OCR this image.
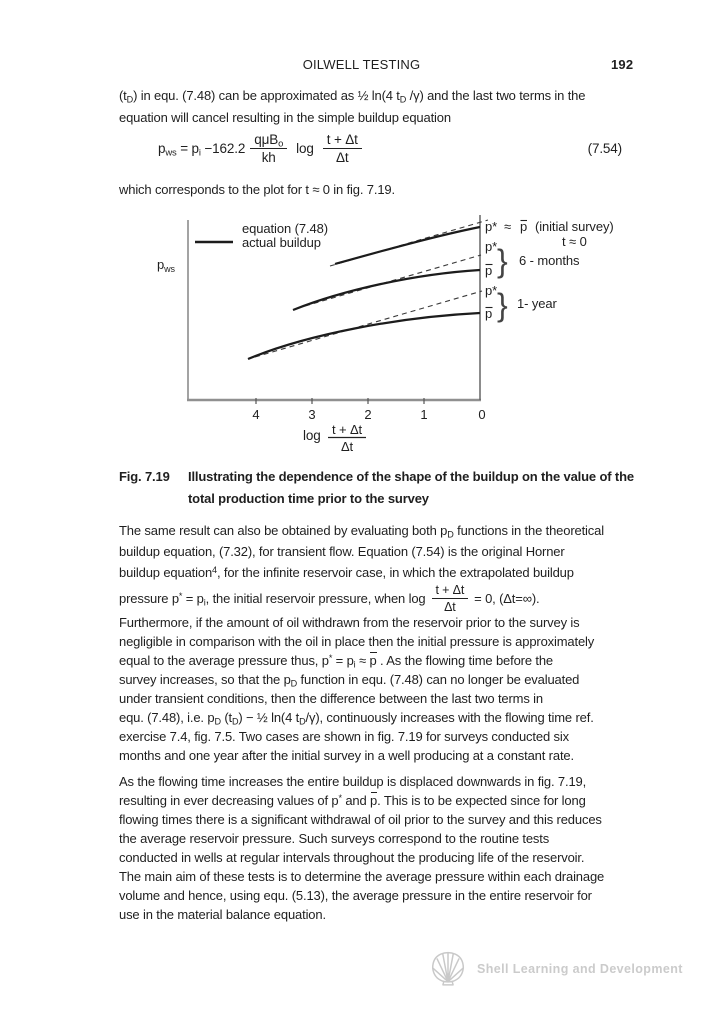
OILWELL TESTING	192
$(t_D)$ in equ. (7.48) can be approximated as ½ ln(4 $t_D$ /γ) and the last two terms in the
equation will cancel resulting in the simple buildup equation
$p_{ws} = p_i -162.2 \frac{q\mu B_o}{kh}$ $\log \frac{t + \Delta t}{\Delta t}$	(7.54)
which corresponds to the plot for t ≈ 0 in fig. 7.19.
4	3	2	1	0
$p_{ws}$
equation (7.48)
actual buildup
p* ≈ p (initial survey)
t ≈ 0
p*
p } 6 - months
p*
p } 1- year
log t + Δt
Δt
Fig. 7.19	Illustrating the dependence of the shape of the buildup on the value of the
total production time prior to the survey
The same result can also be obtained by evaluating both $p_D$ functions in the theoretical
buildup equation, (7.32), for transient flow. Equation (7.54) is the original Horner
buildup equation$^4$, for the infinite reservoir case, in which the extrapolated buildup
pressure $p^* = p_i$, the initial reservoir pressure, when $\log \frac{t + \Delta t}{\Delta t} = 0$, (Δt=∞).
Furthermore, if the amount of oil withdrawn from the reservoir prior to the survey is
negligible in comparison with the oil in place then the initial pressure is approximately
equal to the average pressure thus, $p^* = p_i \approx p$ . As the flowing time before the
survey increases, so that the $p_D$ function in equ. (7.48) can no longer be evaluated
under transient conditions, then the difference between the last two terms in
equ. (7.48), i.e. $p_D$ $(t_D)$ − ½ ln(4 $t_D/\gamma$), continuously increases with the flowing time ref.
exercise 7.4, fig. 7.5. Two cases are shown in fig. 7.19 for surveys conducted six
months and one year after the initial survey in a well producing at a constant rate.
As the flowing time increases the entire buildup is displaced downwards in fig. 7.19,
resulting in ever decreasing values of p* and p. This is to be expected since for long
flowing times there is a significant withdrawal of oil prior to the survey and this reduces
the average reservoir pressure. Such surveys correspond to the routine tests
conducted in wells at regular intervals throughout the producing life of the reservoir.
The main aim of these tests is to determine the average pressure within each drainage
volume and hence, using equ. (5.13), the average pressure in the entire reservoir for
use in the material balance equation.
Shell Learning and Development
